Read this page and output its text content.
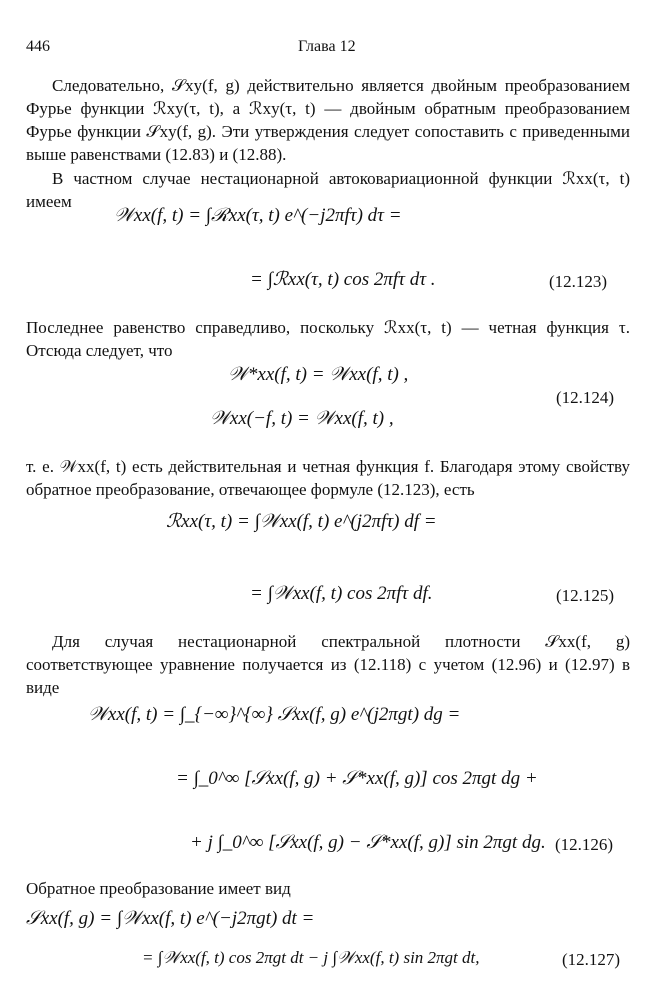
446	Глава 12
Следовательно, 𝒮xy(f, g) действительно является двойным преобразованием Фурье функции ℛxy(τ, t), а ℛxy(τ, t) — двойным обратным преобразованием Фурье функции 𝒮xy(f, g). Эти утверждения следует сопоставить с приведенными выше равенствами (12.83) и (12.88).
В частном случае нестационарной автоковариационной функции ℛxx(τ, t) имеем
𝒲xx(f, t) = ∫ℛxx(τ, t) e^(−j2πfτ) dτ =
= ∫ℛxx(τ, t) cos 2πfτ dτ .	(12.123)
Последнее равенство справедливо, поскольку ℛxx(τ, t) — четная функция τ. Отсюда следует, что
𝒲*xx(f, t) = 𝒲xx(f, t) ,
𝒲xx(−f, t) = 𝒲xx(f, t) ,
(12.124)
т. е. 𝒲xx(f, t) есть действительная и четная функция f. Благодаря этому свойству обратное преобразование, отвечающее формуле (12.123), есть
ℛxx(τ, t) = ∫𝒲xx(f, t) e^(j2πfτ) df =
= ∫𝒲xx(f, t) cos 2πfτ df.	(12.125)
Для случая нестационарной спектральной плотности 𝒮xx(f, g) соответствующее уравнение получается из (12.118) с учетом (12.96) и (12.97) в виде
𝒲xx(f, t) = ∫_{−∞}^{∞} 𝒮xx(f, g) e^(j2πgt) dg =
= ∫_0^∞ [𝒮xx(f, g) + 𝒮*xx(f, g)] cos 2πgt dg +
+ j ∫_0^∞ [𝒮xx(f, g) − 𝒮*xx(f, g)] sin 2πgt dg. (12.126)
Обратное преобразование имеет вид
𝒮xx(f, g) = ∫𝒲xx(f, t) e^(−j2πgt) dt =
= ∫𝒲xx(f, t) cos 2πgt dt − j ∫𝒲xx(f, t) sin 2πgt dt,	(12.127)
